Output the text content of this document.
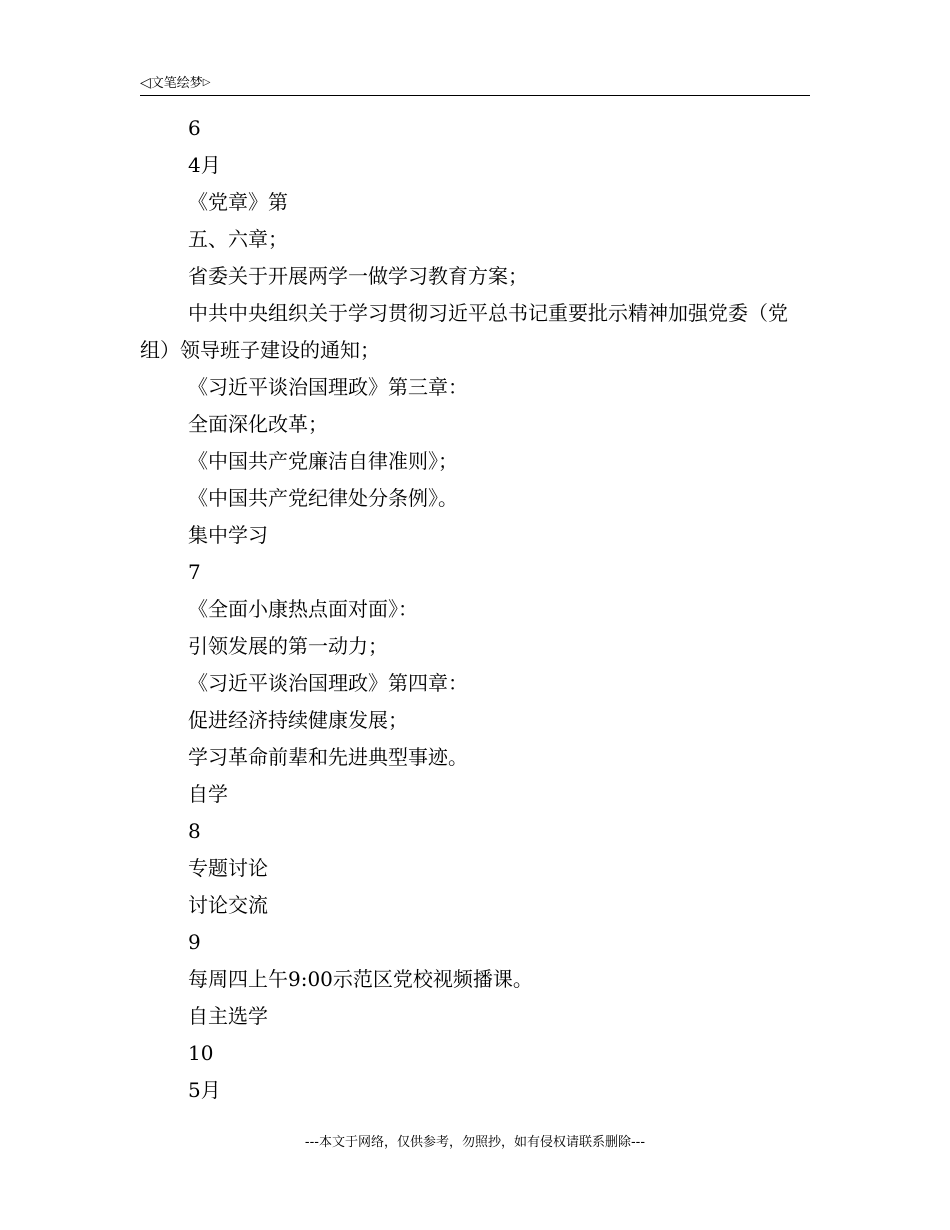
◁文笔绘梦▷

6

4月

《党章》第

五、六章；

省委关于开展两学一做学习教育方案；

中共中央组织关于学习贯彻习近平总书记重要批示精神加强党委（党组）领导班子建设的通知；

《习近平谈治国理政》第三章：

全面深化改革；

《中国共产党廉洁自律准则》；

《中国共产党纪律处分条例》。

集中学习

7

《全面小康热点面对面》：

引领发展的第一动力；

《习近平谈治国理政》第四章：

促进经济持续健康发展；

学习革命前辈和先进典型事迹。

自学

8

专题讨论

讨论交流

9

每周四上午9:00示范区党校视频播课。

自主选学

10

5月

---本文于网络，仅供参考，勿照抄，如有侵权请联系删除---
